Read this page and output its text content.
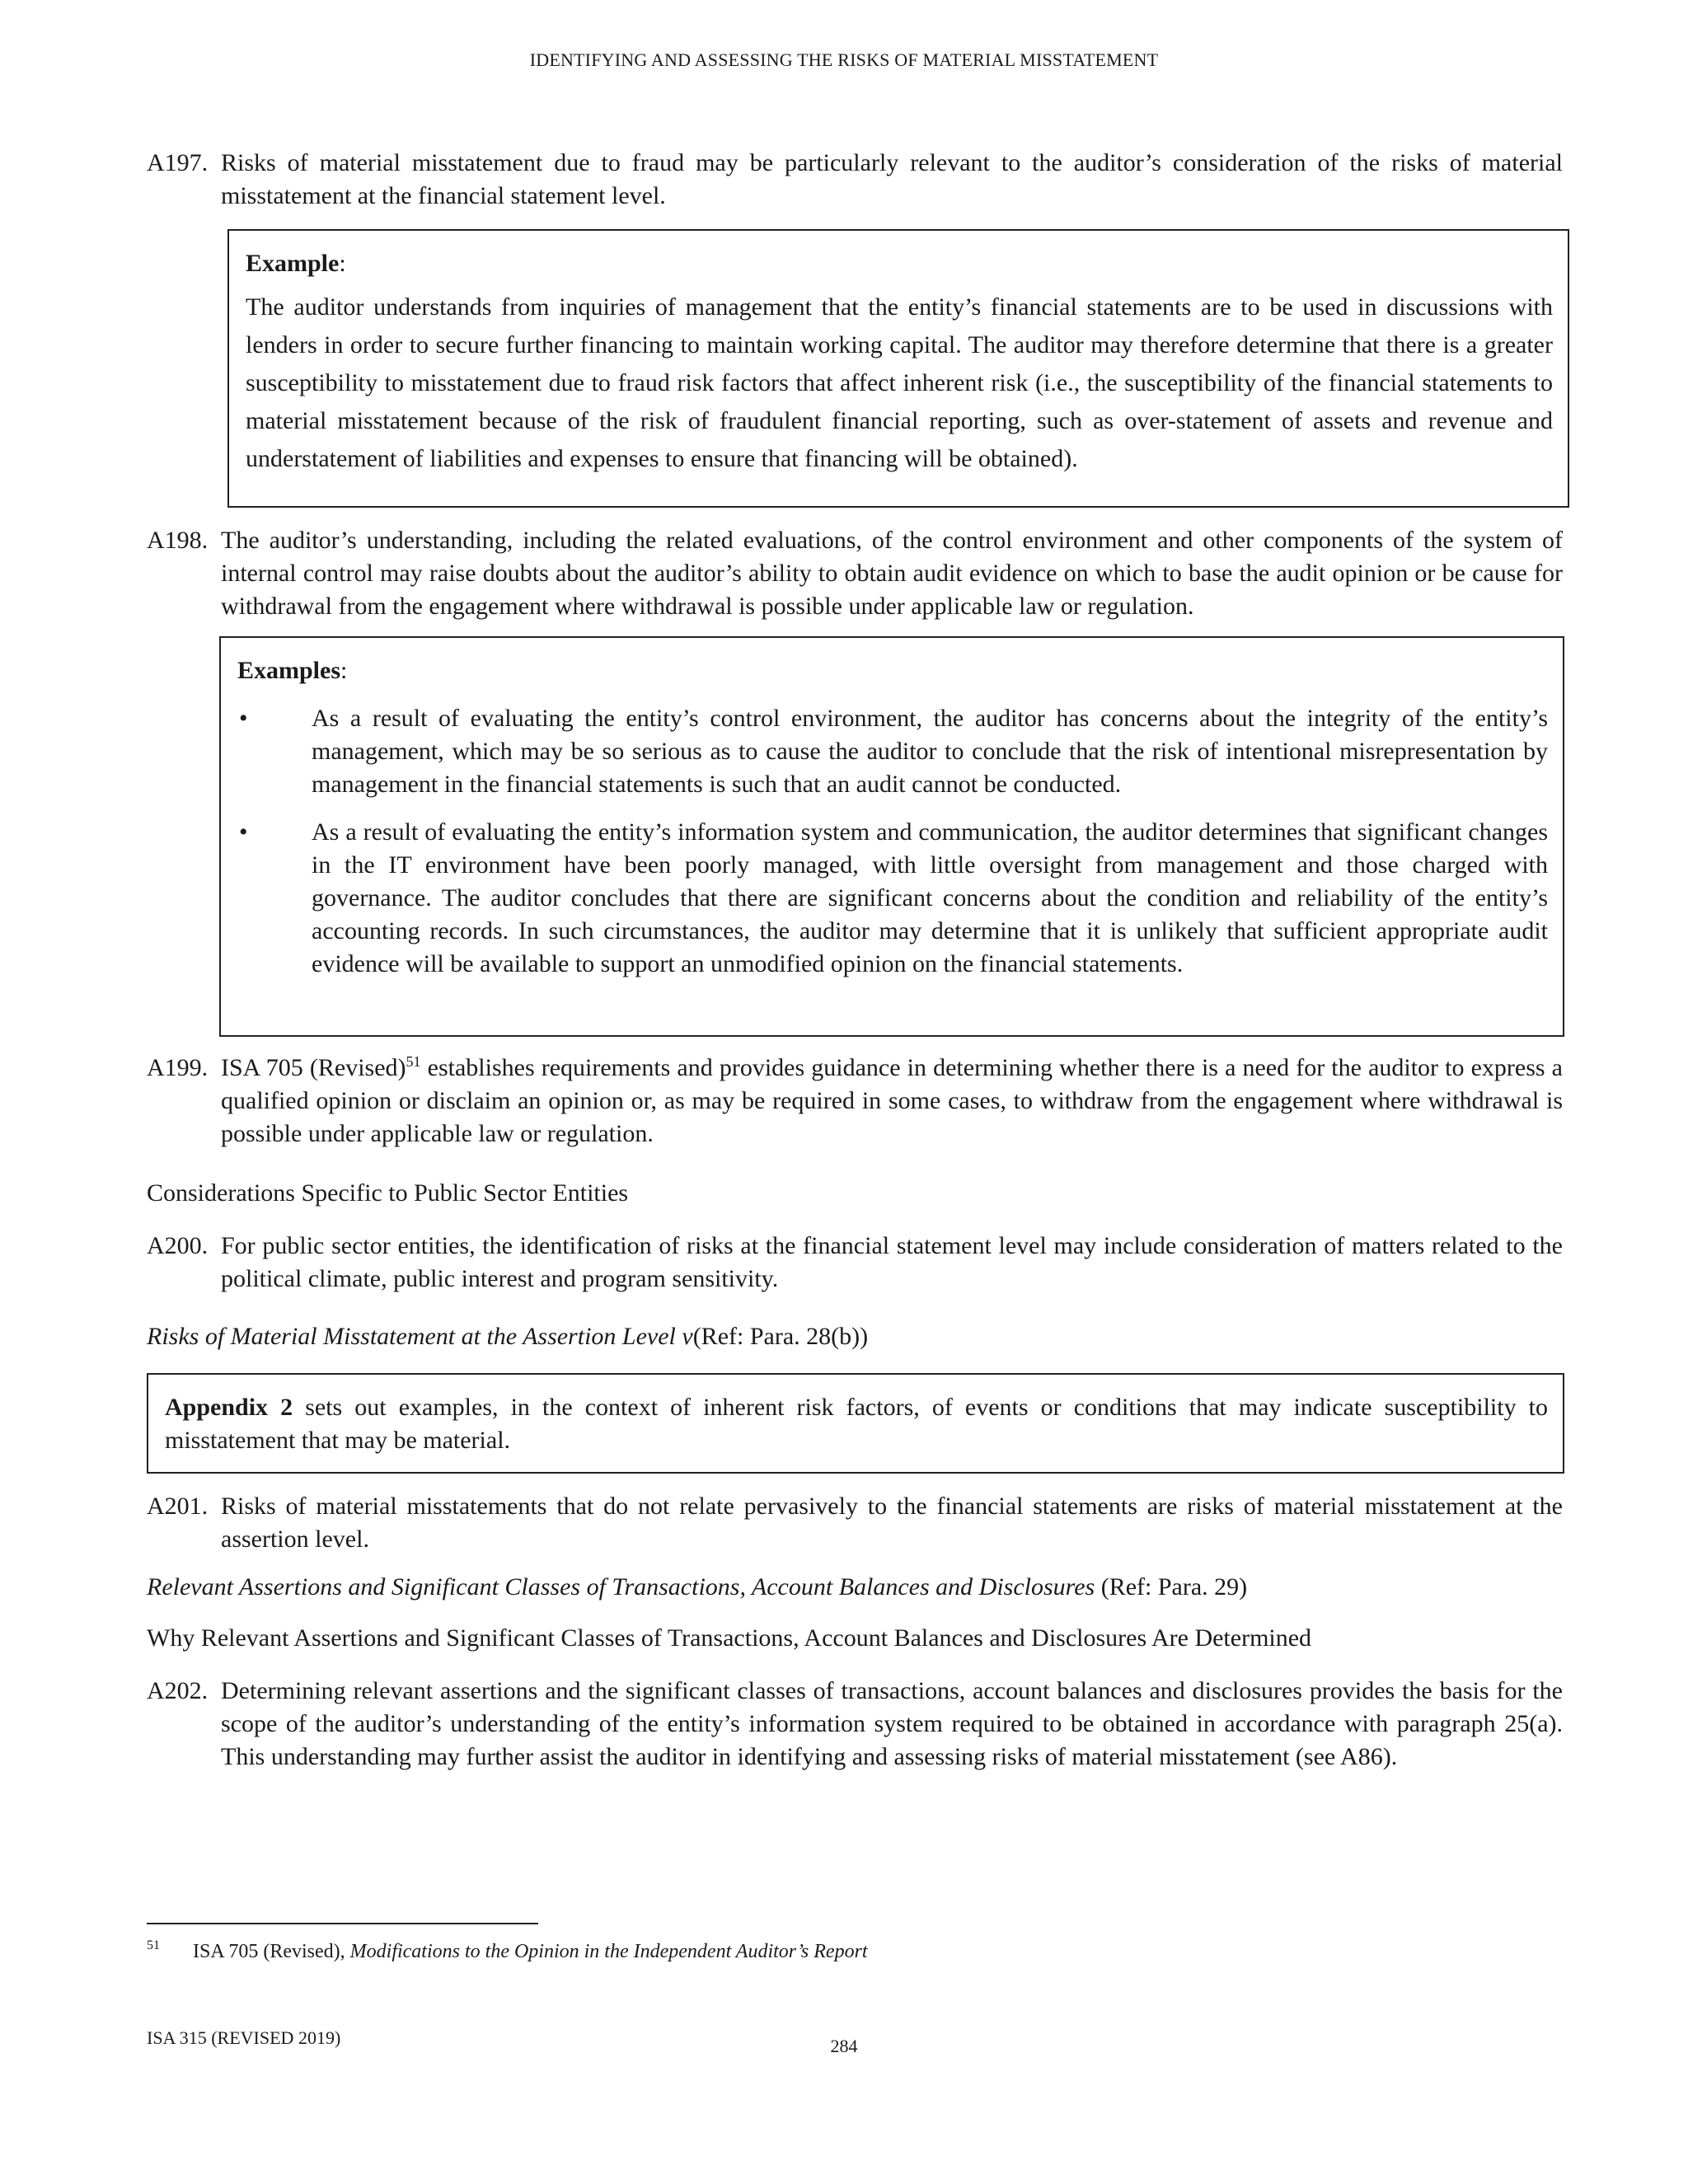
IDENTIFYING AND ASSESSING THE RISKS OF MATERIAL MISSTATEMENT
A197. Risks of material misstatement due to fraud may be particularly relevant to the auditor’s consideration of the risks of material misstatement at the financial statement level.
Example:
The auditor understands from inquiries of management that the entity’s financial statements are to be used in discussions with lenders in order to secure further financing to maintain working capital. The auditor may therefore determine that there is a greater susceptibility to misstatement due to fraud risk factors that affect inherent risk (i.e., the susceptibility of the financial statements to material misstatement because of the risk of fraudulent financial reporting, such as over-statement of assets and revenue and understatement of liabilities and expenses to ensure that financing will be obtained).
A198. The auditor’s understanding, including the related evaluations, of the control environment and other components of the system of internal control may raise doubts about the auditor’s ability to obtain audit evidence on which to base the audit opinion or be cause for withdrawal from the engagement where withdrawal is possible under applicable law or regulation.
Examples:
•	As a result of evaluating the entity’s control environment, the auditor has concerns about the integrity of the entity’s management, which may be so serious as to cause the auditor to conclude that the risk of intentional misrepresentation by management in the financial statements is such that an audit cannot be conducted.
•	As a result of evaluating the entity’s information system and communication, the auditor determines that significant changes in the IT environment have been poorly managed, with little oversight from management and those charged with governance. The auditor concludes that there are significant concerns about the condition and reliability of the entity’s accounting records. In such circumstances, the auditor may determine that it is unlikely that sufficient appropriate audit evidence will be available to support an unmodified opinion on the financial statements.
A199. ISA 705 (Revised)$^{51}$ establishes requirements and provides guidance in determining whether there is a need for the auditor to express a qualified opinion or disclaim an opinion or, as may be required in some cases, to withdraw from the engagement where withdrawal is possible under applicable law or regulation.
Considerations Specific to Public Sector Entities
A200. For public sector entities, the identification of risks at the financial statement level may include consideration of matters related to the political climate, public interest and program sensitivity.
Risks of Material Misstatement at the Assertion Level v(Ref: Para. 28(b))
Appendix 2 sets out examples, in the context of inherent risk factors, of events or conditions that may indicate susceptibility to misstatement that may be material.
A201. Risks of material misstatements that do not relate pervasively to the financial statements are risks of material misstatement at the assertion level.
Relevant Assertions and Significant Classes of Transactions, Account Balances and Disclosures (Ref: Para. 29)
Why Relevant Assertions and Significant Classes of Transactions, Account Balances and Disclosures Are Determined
A202. Determining relevant assertions and the significant classes of transactions, account balances and disclosures provides the basis for the scope of the auditor’s understanding of the entity’s information system required to be obtained in accordance with paragraph 25(a). This understanding may further assist the auditor in identifying and assessing risks of material misstatement (see A86).
$^{51}$ ISA 705 (Revised), Modifications to the Opinion in the Independent Auditor’s Report
ISA 315 (REVISED 2019)	284
